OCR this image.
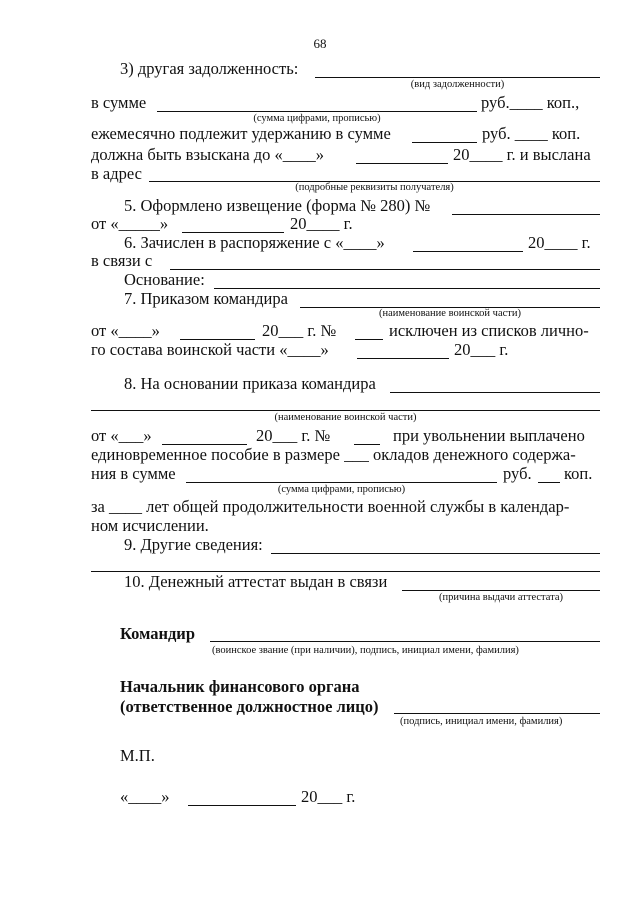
68
3) другая задолженность:
(вид задолженности)
в сумме	руб.____ коп.,
(сумма цифрами, прописью)
ежемесячно подлежит удержанию в сумме	руб. ____ коп.
должна быть взыскана до «____»	20____ г. и выслана
в адрес
(подробные реквизиты получателя)
5. Оформлено извещение (форма № 280) №
от «_____»	20____ г.
6. Зачислен в распоряжение с «____»	20____ г.
в связи с
Основание:
7. Приказом командира
(наименование воинской части)
от «____»	20___ г. №	исключен из списков лично-
го состава воинской части «____»	20___ г.
8. На основании приказа командира
(наименование воинской части)
от «___»	20___ г. №	при увольнении выплачено
единовременное пособие в размере ___ окладов денежного содержа-
ния в сумме	руб. коп.
(сумма цифрами, прописью)
за ____ лет общей продолжительности военной службы в календар-
ном исчислении.
9. Другие сведения:
10. Денежный аттестат выдан в связи
(причина выдачи аттестата)
Командир
(воинское звание (при наличии), подпись, инициал имени, фамилия)
Начальник финансового органа
(ответственное должностное лицо)
(подпись, инициал имени, фамилия)
М.П.
«____»	20___ г.
